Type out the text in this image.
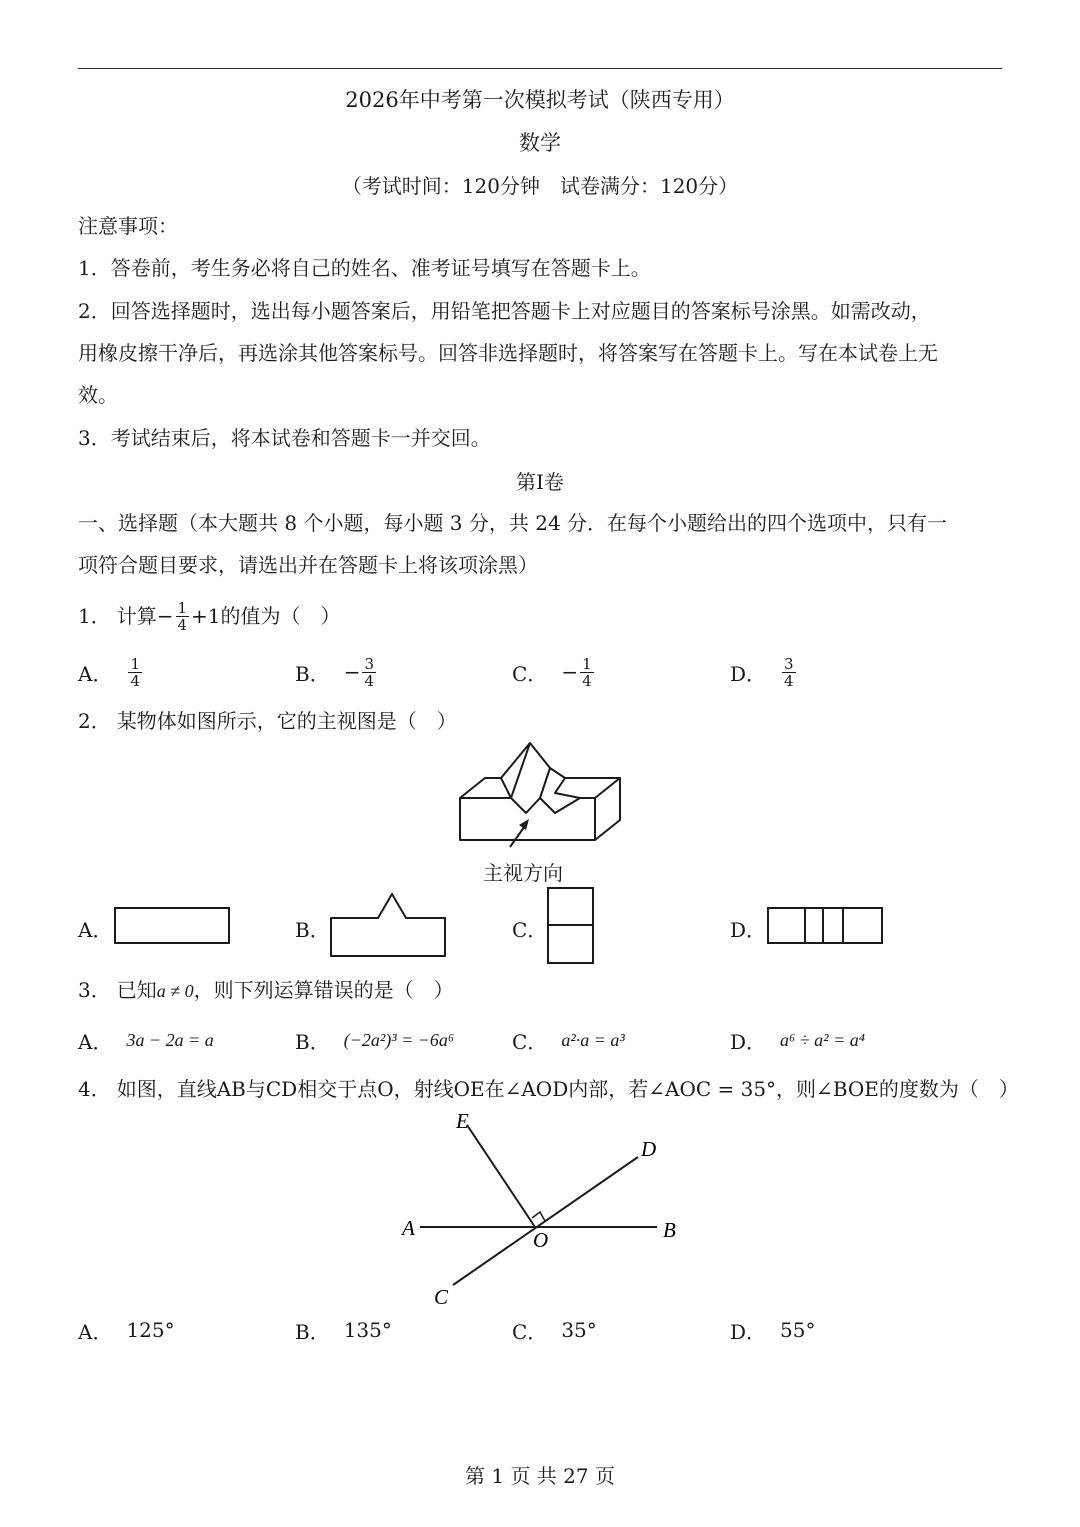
2026年中考第一次模拟考试（陕西专用）
数学
（考试时间：120分钟　试卷满分：120分）
注意事项：
1．答卷前，考生务必将自己的姓名、准考证号填写在答题卡上。
2．回答选择题时，选出每小题答案后，用铅笔把答题卡上对应题目的答案标号涂黑。如需改动，
用橡皮擦干净后，再选涂其他答案标号。回答非选择题时，将答案写在答题卡上。写在本试卷上无
效。
3．考试结束后，将本试卷和答题卡一并交回。
第Ⅰ卷
一、选择题（本大题共 8 个小题，每小题 3 分，共 24 分．在每个小题给出的四个选项中，只有一
项符合题目要求，请选出并在答题卡上将该项涂黑）
1． 计算 − $\frac{1}{4} +1$的值为（　）
A． $\frac{1}{4}$	B． − $\frac{3}{4}$	C． − $\frac{1}{4}$	D． $\frac{3}{4}$
2． 某物体如图所示，它的主视图是（　）
主视方向
A．	B．	C．	D．
3． 已知a ≠ 0，则下列运算错误的是（　）
A． 3a − 2a = a	B． (−2a²)³ = −6a⁶	C． a²·a = a³	D． a⁶ ÷ a² = a⁴
4． 如图，直线AB与CD相交于点O，射线OE在∠AOD内部，若∠AOC = 35°，则∠BOE的度数为（　）
A	B
C
D
E
O
A． 125°	B． 135°	C． 35°	D． 55°
第 1 页 共 27 页
